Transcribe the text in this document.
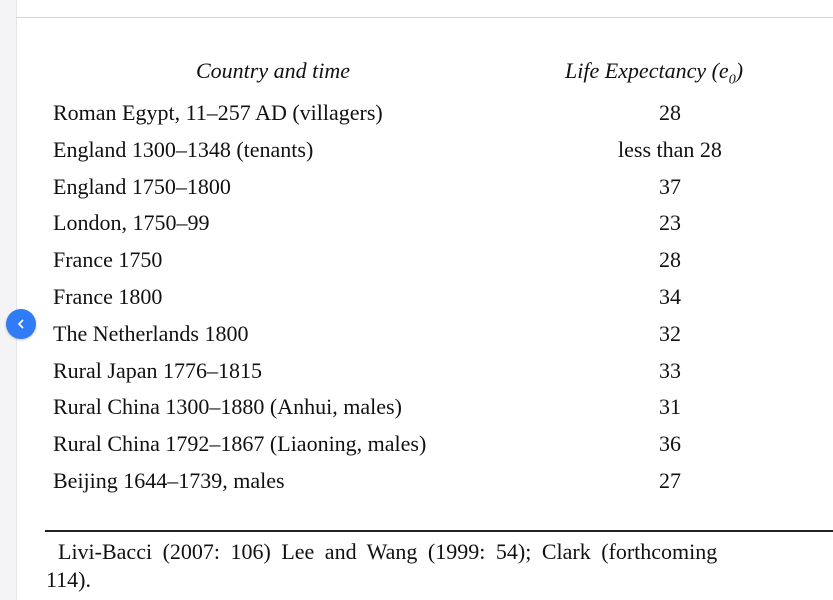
Country and time	Life Expectancy $(e_0)$
Roman Egypt, 11–257 AD (villagers)	28
England 1300–1348 (tenants)	less than 28
England 1750–1800	37
London, 1750–99	23
France 1750	28
France 1800	34
The Netherlands 1800	32
Rural Japan 1776–1815	33
Rural China 1300–1880 (Anhui, males)	31
Rural China 1792–1867 (Liaoning, males)	36
Beijing 1644–1739, males	27
Livi-Bacci (2007: 106) Lee and Wang (1999: 54); Clark (forthcoming
114).
